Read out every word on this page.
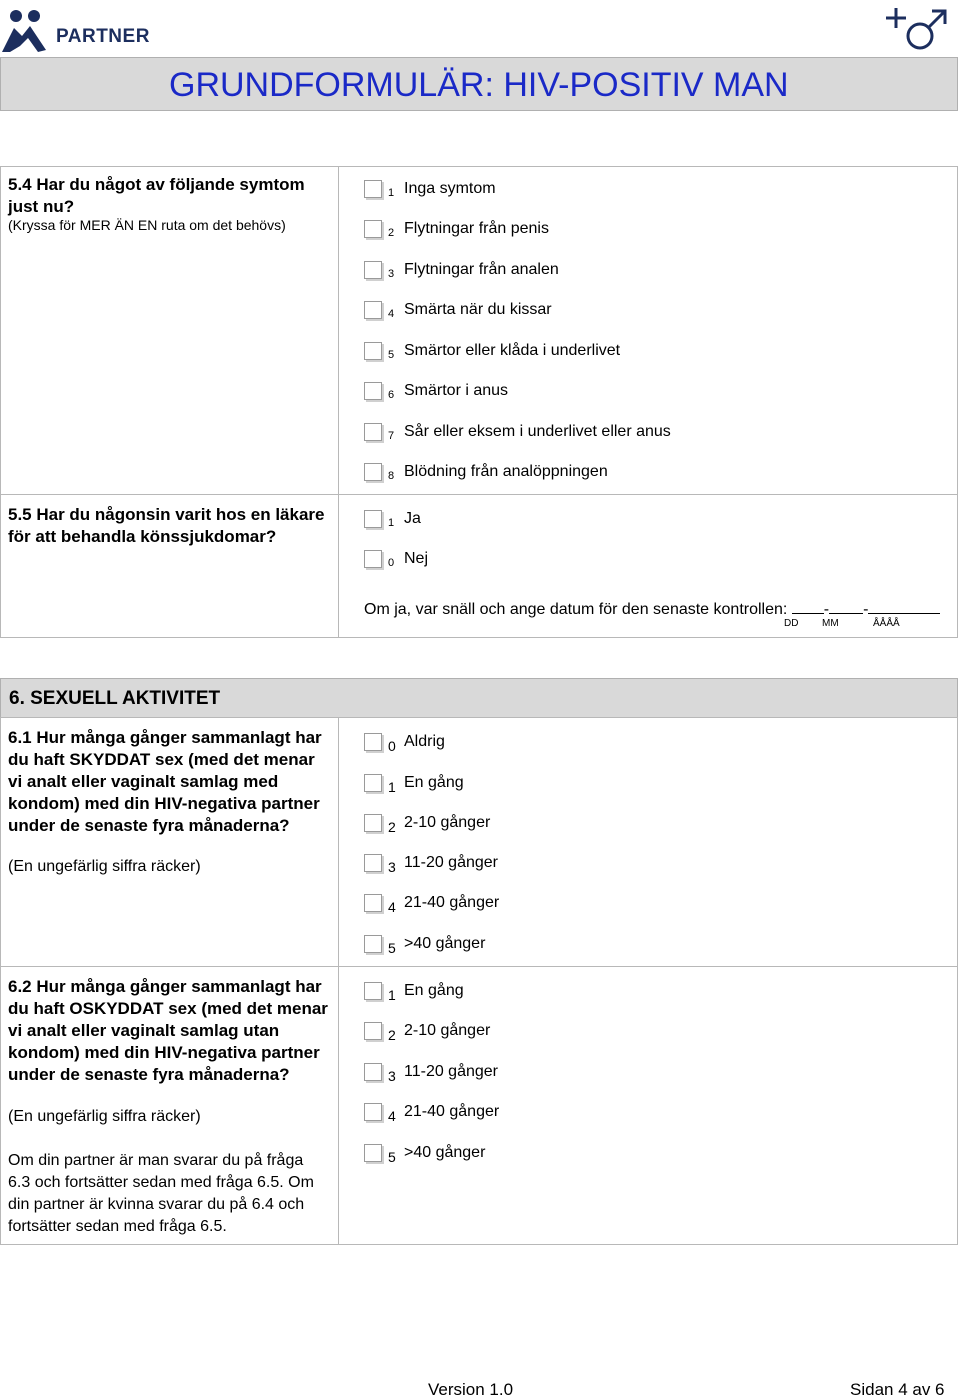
PARTNER
GRUNDFORMULÄR: HIV-POSITIV MAN
5.4 Har du något av följande symtom just nu?
(Kryssa för MER ÄN EN ruta om det behövs)
1 Inga symtom
2 Flytningar från penis
3 Flytningar från analen
4 Smärta när du kissar
5 Smärtor eller klåda i underlivet
6 Smärtor i anus
7 Sår eller eksem i underlivet eller anus
8 Blödning från analöppningen
5.5 Har du någonsin varit hos en läkare för att behandla könssjukdomar?
1 Ja
0 Nej
Om ja, var snäll och ange datum för den senaste kontrollen: - -
DD MM	ÅÅÅÅ
6. SEXUELL AKTIVITET
6.1 Hur många gånger sammanlagt har du haft SKYDDAT sex (med det menar vi analt eller vaginalt samlag med kondom) med din HIV-negativa partner under de senaste fyra månaderna?
(En ungefärlig siffra räcker)
0 Aldrig
1 En gång
2 2-10 gånger
3 11-20 gånger
4 21-40 gånger
5 >40 gånger
6.2 Hur många gånger sammanlagt har du haft OSKYDDAT sex (med det menar vi analt eller vaginalt samlag utan kondom) med din HIV-negativa partner under de senaste fyra månaderna?
(En ungefärlig siffra räcker)
Om din partner är man svarar du på fråga 6.3 och fortsätter sedan med fråga 6.5. Om din partner är kvinna svarar du på 6.4 och fortsätter sedan med fråga 6.5.
1 En gång
2 2-10 gånger
3 11-20 gånger
4 21-40 gånger
5 >40 gånger
Version 1.0	Sidan 4 av 6
